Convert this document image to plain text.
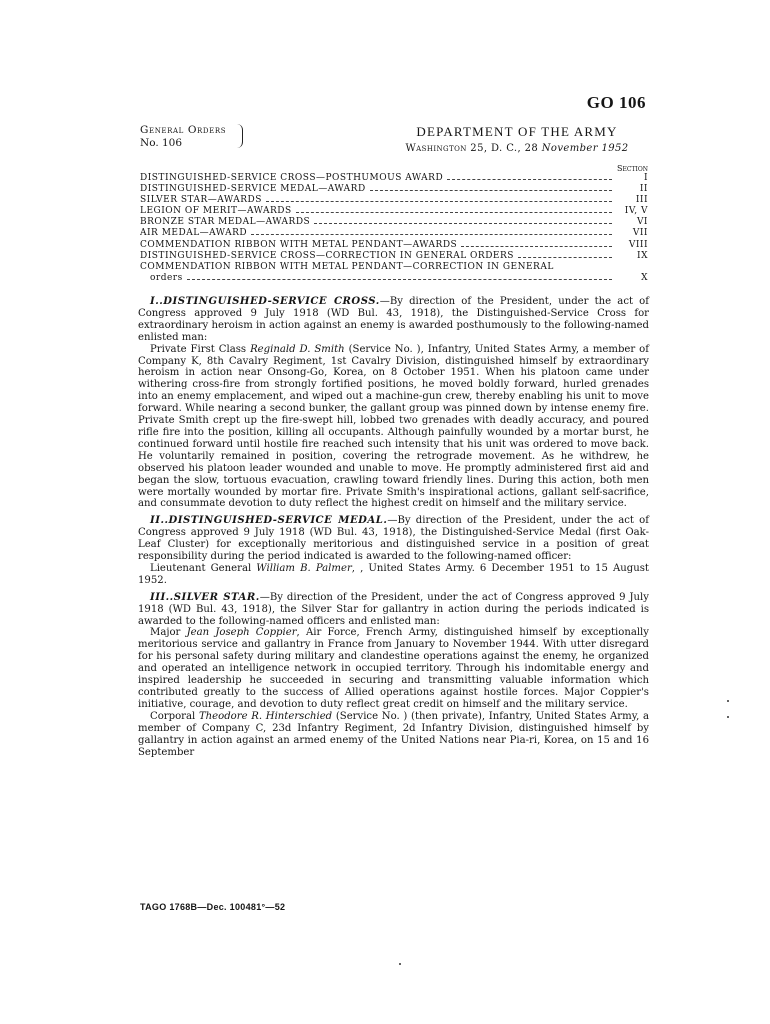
GO 106
General Orders
No. 106
DEPARTMENT OF THE ARMY
Washington 25, D. C., 28 November 1952
Section
DISTINGUISHED-SERVICE CROSS—POSTHUMOUS AWARD	I
DISTINGUISHED-SERVICE MEDAL—AWARD	II
SILVER STAR—AWARDS	III
LEGION OF MERIT—AWARDS	IV, V
BRONZE STAR MEDAL—AWARDS	VI
AIR MEDAL—AWARD	VII
COMMENDATION RIBBON WITH METAL PENDANT—AWARDS	VIII
DISTINGUISHED-SERVICE CROSS—CORRECTION IN GENERAL ORDERS	IX
COMMENDATION RIBBON WITH METAL PENDANT—CORRECTION IN GENERAL
orders	X

I..DISTINGUISHED-SERVICE CROSS.—By direction of the President, under the act of Congress approved 9 July 1918 (WD Bul. 43, 1918), the Distinguished-Service Cross for extraordinary heroism in action against an enemy is awarded posthumously to the following-named enlisted man:

Private First Class Reginald D. Smith (Service No. ), Infantry, United States Army, a member of Company K, 8th Cavalry Regiment, 1st Cavalry Division, distinguished himself by extraordinary heroism in action near Onsong-Go, Korea, on 8 October 1951. When his platoon came under withering cross-fire from strongly fortified positions, he moved boldly forward, hurled grenades into an enemy emplacement, and wiped out a machine-gun crew, thereby enabling his unit to move forward. While nearing a second bunker, the gallant group was pinned down by intense enemy fire. Private Smith crept up the fire-swept hill, lobbed two grenades with deadly accuracy, and poured rifle fire into the position, killing all occupants. Although painfully wounded by a mortar burst, he continued forward until hostile fire reached such intensity that his unit was ordered to move back. He voluntarily remained in position, covering the retrograde movement. As he withdrew, he observed his platoon leader wounded and unable to move. He promptly administered first aid and began the slow, tortuous evacuation, crawling toward friendly lines. During this action, both men were mortally wounded by mortar fire. Private Smith's inspirational actions, gallant self-sacrifice, and consummate devotion to duty reflect the highest credit on himself and the military service.

II..DISTINGUISHED-SERVICE MEDAL.—By direction of the President, under the act of Congress approved 9 July 1918 (WD Bul. 43, 1918), the Distinguished-Service Medal (first Oak-Leaf Cluster) for exceptionally meritorious and distinguished service in a position of great responsibility during the period indicated is awarded to the following-named officer:

Lieutenant General William B. Palmer, , United States Army. 6 December 1951 to 15 August 1952.

III..SILVER STAR.—By direction of the President, under the act of Congress approved 9 July 1918 (WD Bul. 43, 1918), the Silver Star for gallantry in action during the periods indicated is awarded to the following-named officers and enlisted man:

Major Jean Joseph Coppier, Air Force, French Army, distinguished himself by exceptionally meritorious service and gallantry in France from January to November 1944. With utter disregard for his personal safety during military and clandestine operations against the enemy, he organized and operated an intelligence network in occupied territory. Through his indomitable energy and inspired leadership he succeeded in securing and transmitting valuable information which contributed greatly to the success of Allied operations against hostile forces. Major Coppier's initiative, courage, and devotion to duty reflect great credit on himself and the military service.

Corporal Theodore R. Hinterschied (Service No. ) (then private), Infantry, United States Army, a member of Company C, 23d Infantry Regiment, 2d Infantry Division, distinguished himself by gallantry in action against an armed enemy of the United Nations near Pia-ri, Korea, on 15 and 16 September

TAGO 1768B—Dec. 100481°—52
